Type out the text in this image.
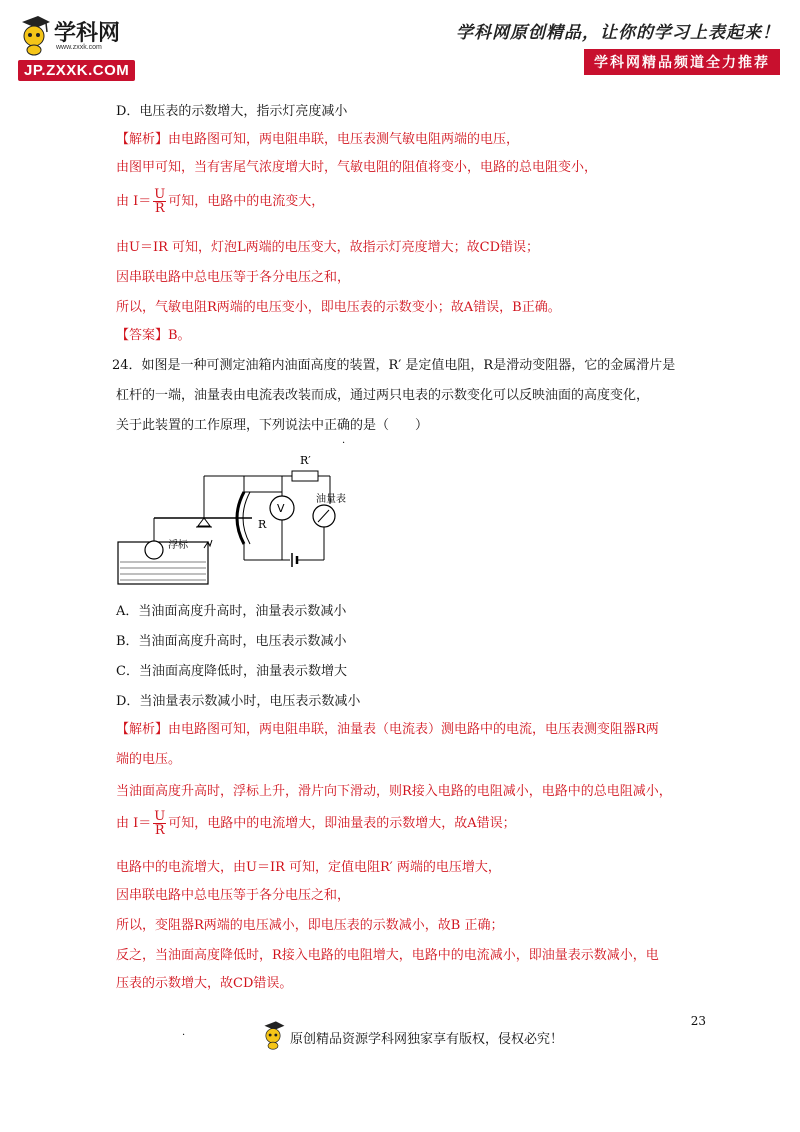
学科网
www.zxxk.com
JP.ZXXK.COM
学科网原创精品，让你的学习上表起来！
学科网精品频道全力推荐
D．电压表的示数增大，指示灯亮度减小
【解析】由电路图可知，两电阻串联，电压表测气敏电阻两端的电压，
由图甲可知，当有害尾气浓度增大时，气敏电阻的阻值将变小，电路的总电阻变小，
由 $I= \frac{U}{R}$ 可知，电路中的电流变大，
由U＝IR 可知，灯泡L两端的电压变大，故指示灯亮度增大；故CD错误；
因串联电路中总电压等于各分电压之和，
所以，气敏电阻R两端的电压变小，即电压表的示数变小；故A错误，B正确。
【答案】B。
24．如图是一种可测定油箱内油面高度的装置，R′ 是定值电阻，R是滑动变阻器，它的金属滑片是
杠杆的一端，油量表由电流表改装而成，通过两只电表的示数变化可以反映油面的高度变化，
关于此装置的工作原理，下列说法中正确的是（　　）
·
浮标
R
R′
V
油量表
A．当油面高度升高时，油量表示数减小
B．当油面高度升高时，电压表示数减小
C．当油面高度降低时，油量表示数增大
D．当油量表示数减小时，电压表示数减小
【解析】由电路图可知，两电阻串联，油量表（电流表）测电路中的电流，电压表测变阻器R两
端的电压。
当油面高度升高时，浮标上升，滑片向下滑动，则R接入电路的电阻减小，电路中的总电阻减小，
由 $I= \frac{U}{R}$ 可知，电路中的电流增大，即油量表的示数增大，故A错误；
电路中的电流增大，由U＝IR 可知，定值电阻R′ 两端的电压增大，
因串联电路中总电压等于各分电压之和，
所以，变阻器R两端的电压减小，即电压表的示数减小，故B 正确；
反之，当油面高度降低时，R接入电路的电阻增大，电路中的电流减小，即油量表示数减小，电
压表的示数增大，故CD错误。
23
·	原创精品资源学科网独家享有版权，侵权必究！
